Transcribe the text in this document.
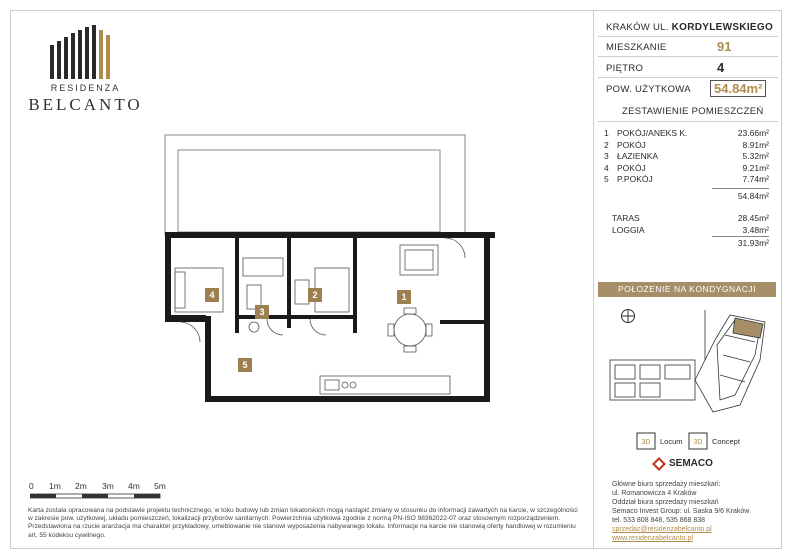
RESIDENZA
BELCANTO
KRAKÓW UL. KORDYLEWSKIEGO
MIESZKANIE	91
PIĘTRO	4
POW. UŻYTKOWA	54.84m²
ZESTAWIENIE POMIESZCZEŃ
1 POKÓJ/ANEKS K.	23.66m²
2 POKÓJ	8.91m²
3 ŁAZIENKA	5.32m²
4 POKÓJ	9.21m²
5 P.POKÓJ	7.74m²
54.84m²
TARAS	28.45m²
LOGGIA	3.48m²
31.93m²
POŁOŻENIE NA KONDYGNACJI
3D Locum 3D Concept
SEMACO
Główne biuro sprzedaży mieszkań:
ul. Romanowicza 4 Kraków
Oddział biura sprzedaży mieszkań
Semaco Invest Group: ul. Saska 9/6 Kraków
tel. 533 808 848, 535 868 838
sprzedaz@residenzabelcanto.pl
www.residenzabelcanto.pl
1
2
3
4
5
0 1m 2m 3m 4m 5m
Karta została opracowana na podstawie projektu technicznego, w toku budowy lub zmian lokatorskich mogą nastąpić zmiany w stosunku do informacji zawartych na karcie, w szczególności w zakresie pow. użytkowej, układu pomieszczeń, lokalizacji przyborów sanitarnych. Powierzchnia użytkowa zgodnie z normą PN-ISO 98362022-07 oraz stosownym rozporządzeniem. Przedstawiona na rzucie aranżacja ma charakter przykładowy, umeblowanie nie stanowi wyposażenia nabywanego lokalu. Informacje na karcie nie stanowią oferty handlowej w rozumieniu art. 55 kodeksu cywilnego.
